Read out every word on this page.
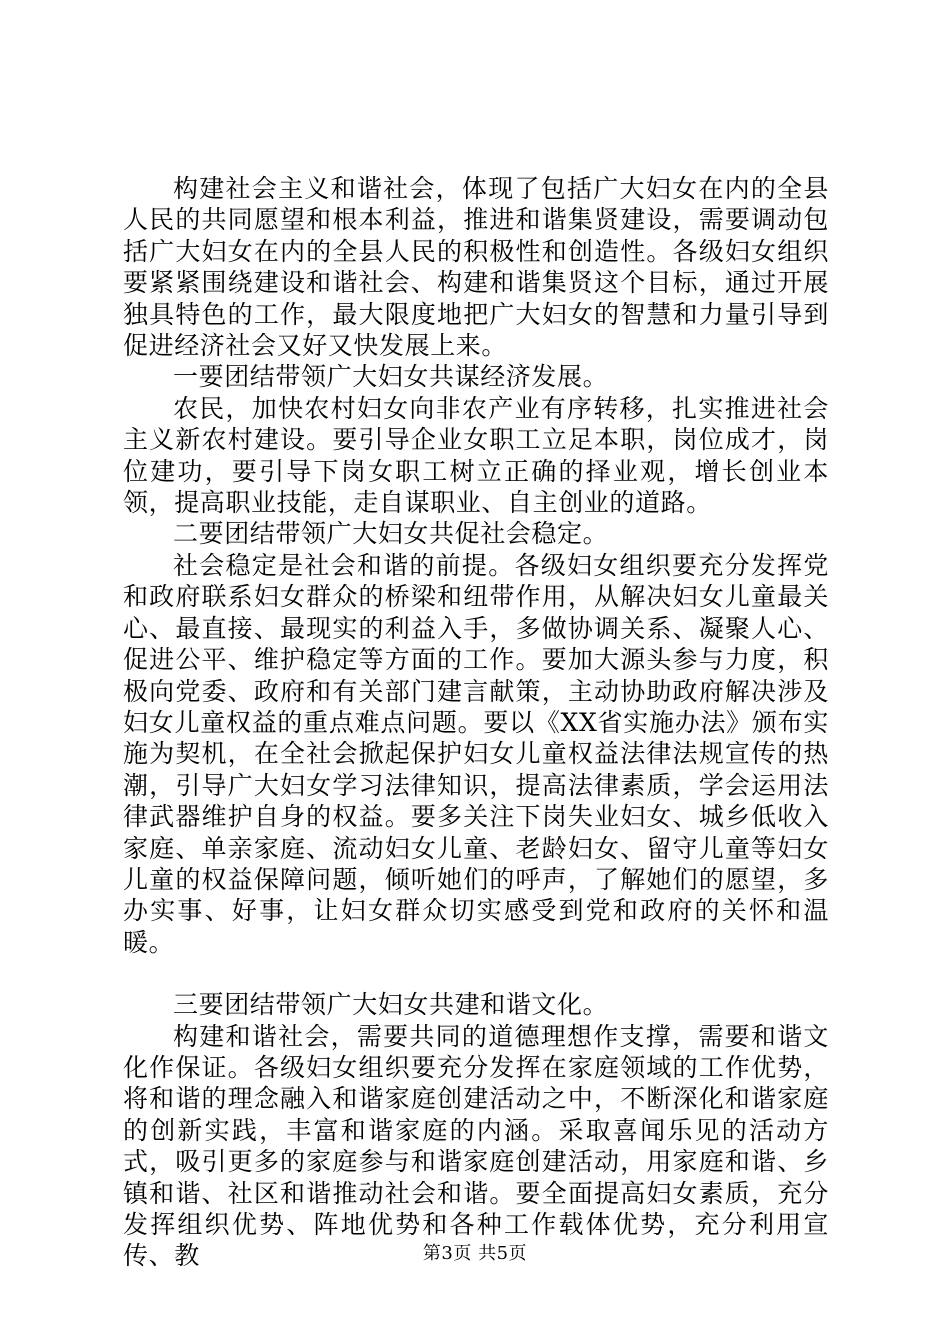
构建社会主义和谐社会，体现了包括广大妇女在内的全县人民的共同愿望和根本利益，推进和谐集贤建设，需要调动包括广大妇女在内的全县人民的积极性和创造性。各级妇女组织要紧紧围绕建设和谐社会、构建和谐集贤这个目标，通过开展独具特色的工作，最大限度地把广大妇女的智慧和力量引导到促进经济社会又好又快发展上来。

一要团结带领广大妇女共谋经济发展。

农民，加快农村妇女向非农产业有序转移，扎实推进社会主义新农村建设。要引导企业女职工立足本职，岗位成才，岗位建功，要引导下岗女职工树立正确的择业观，增长创业本领，提高职业技能，走自谋职业、自主创业的道路。

二要团结带领广大妇女共促社会稳定。

社会稳定是社会和谐的前提。各级妇女组织要充分发挥党和政府联系妇女群众的桥梁和纽带作用，从解决妇女儿童最关心、最直接、最现实的利益入手，多做协调关系、凝聚人心、促进公平、维护稳定等方面的工作。要加大源头参与力度，积极向党委、政府和有关部门建言献策，主动协助政府解决涉及妇女儿童权益的重点难点问题。要以《XX省实施办法》颁布实施为契机，在全社会掀起保护妇女儿童权益法律法规宣传的热潮，引导广大妇女学习法律知识，提高法律素质，学会运用法律武器维护自身的权益。要多关注下岗失业妇女、城乡低收入家庭、单亲家庭、流动妇女儿童、老龄妇女、留守儿童等妇女儿童的权益保障问题，倾听她们的呼声，了解她们的愿望，多办实事、好事，让妇女群众切实感受到党和政府的关怀和温暖。

三要团结带领广大妇女共建和谐文化。

构建和谐社会，需要共同的道德理想作支撑，需要和谐文化作保证。各级妇女组织要充分发挥在家庭领域的工作优势，将和谐的理念融入和谐家庭创建活动之中，不断深化和谐家庭的创新实践，丰富和谐家庭的内涵。采取喜闻乐见的活动方式，吸引更多的家庭参与和谐家庭创建活动，用家庭和谐、乡镇和谐、社区和谐推动社会和谐。要全面提高妇女素质，充分发挥组织优势、阵地优势和各种工作载体优势，充分利用宣传、教	第3页 共5页
